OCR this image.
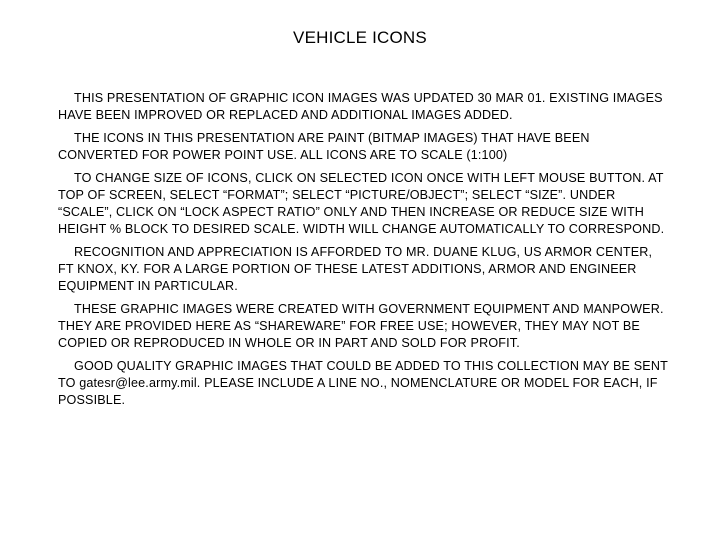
VEHICLE ICONS

THIS PRESENTATION OF GRAPHIC ICON IMAGES WAS UPDATED 30 MAR 01. EXISTING IMAGES HAVE BEEN IMPROVED OR REPLACED AND ADDITIONAL IMAGES ADDED.

THE ICONS IN THIS PRESENTATION ARE PAINT (BITMAP IMAGES) THAT HAVE BEEN CONVERTED FOR POWER POINT USE. ALL ICONS ARE TO SCALE (1:100)

TO CHANGE SIZE OF ICONS, CLICK ON SELECTED ICON ONCE WITH LEFT MOUSE BUTTON. AT TOP OF SCREEN, SELECT “FORMAT”; SELECT “PICTURE/OBJECT”; SELECT “SIZE”. UNDER “SCALE”, CLICK ON “LOCK ASPECT RATIO” ONLY AND THEN INCREASE OR REDUCE SIZE WITH HEIGHT % BLOCK TO DESIRED SCALE. WIDTH WILL CHANGE AUTOMATICALLY TO CORRESPOND.

RECOGNITION AND APPRECIATION IS AFFORDED TO MR. DUANE KLUG, US ARMOR CENTER, FT KNOX, KY. FOR A LARGE PORTION OF THESE LATEST ADDITIONS, ARMOR AND ENGINEER EQUIPMENT IN PARTICULAR.

THESE GRAPHIC IMAGES WERE CREATED WITH GOVERNMENT EQUIPMENT AND MANPOWER. THEY ARE PROVIDED HERE AS “SHAREWARE” FOR FREE USE; HOWEVER, THEY MAY NOT BE COPIED OR REPRODUCED IN WHOLE OR IN PART AND SOLD FOR PROFIT.

GOOD QUALITY GRAPHIC IMAGES THAT COULD BE ADDED TO THIS COLLECTION MAY BE SENT TO gatesr@lee.army.mil. PLEASE INCLUDE A LINE NO., NOMENCLATURE OR MODEL FOR EACH, IF POSSIBLE.
